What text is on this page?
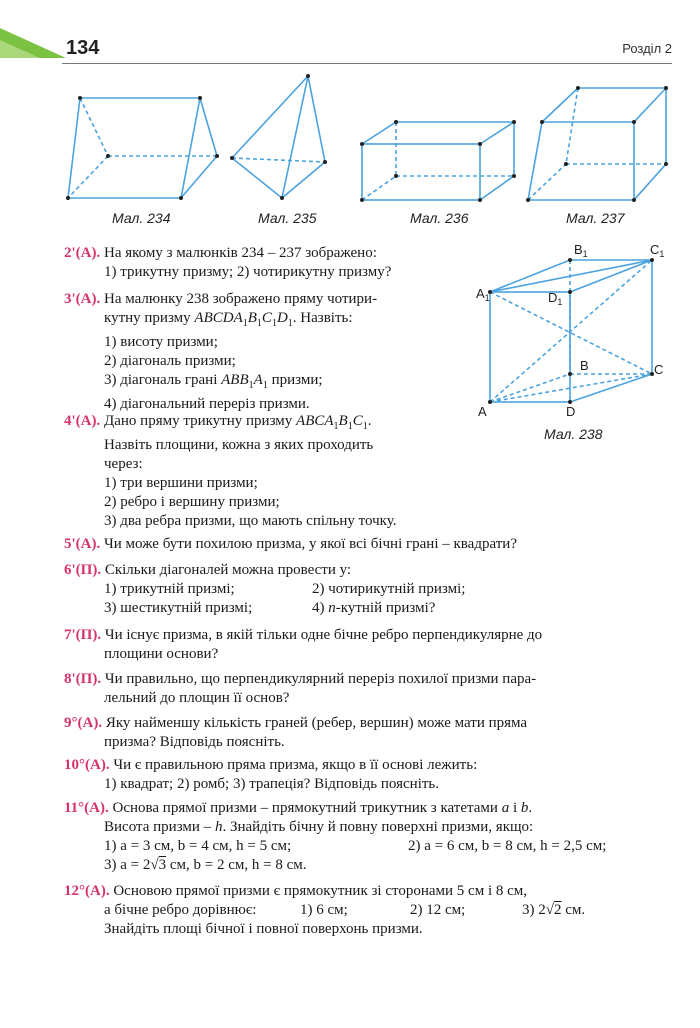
134	Розділ 2
Мал. 234	Мал. 235	Мал. 236	Мал. 237
$A_1$
$B_1$	$C_1$
$D_1$
B	C
A	D
Мал. 238

2'(А). На якому з малюнків 234 – 237 зображено:

1) трикутну призму; 2) чотирикутну призму?

3'(А). На малюнку 238 зображено пряму чотири-

кутну призму $ABCDA_1B_1C_1D_1$. Назвіть:

1) висоту призми;

2) діагональ призми;

3) діагональ грані $ABB_1A_1$ призми;

4) діагональний переріз призми.

4'(А). Дано пряму трикутну призму $ABCA_1B_1C_1$.

Назвіть площини, кожна з яких проходить

через:

1) три вершини призми;

2) ребро і вершину призми;

3) два ребра призми, що мають спільну точку.

5'(А). Чи може бути похилою призма, у якої всі бічні грані – квадрати?

6'(П). Скільки діагоналей можна провести у:

1) трикутній призмі;	2) чотирикутній призмі;

3) шестикутній призмі;	4) n-кутній призмі?

7'(П). Чи існує призма, в якій тільки одне бічне ребро перпендикулярне до

площини основи?

8'(П). Чи правильно, що перпендикулярний переріз похилої призми пара-

лельний до площин її основ?

9°(А). Яку найменшу кількість граней (ребер, вершин) може мати пряма

призма? Відповідь поясніть.

10°(А). Чи є правильною пряма призма, якщо в її основі лежить:

1) квадрат; 2) ромб; 3) трапеція? Відповідь поясніть.

11°(А). Основа прямої призми – прямокутний трикутник з катетами a і b.

Висота призми – h. Знайдіть бічну й повну поверхні призми, якщо:

1) a = 3 см, b = 4 см, h = 5 см;	2) a = 6 см, b = 8 см, h = 2,5 см;

3) a = 2√3 см, b = 2 см, h = 8 см.

12°(А). Основою прямої призми є прямокутник зі сторонами 5 см і 8 см,

а бічне ребро дорівнює:	1) 6 см;	2) 12 см;	3) 2√2 см.

Знайдіть площі бічної і повної поверхонь призми.
